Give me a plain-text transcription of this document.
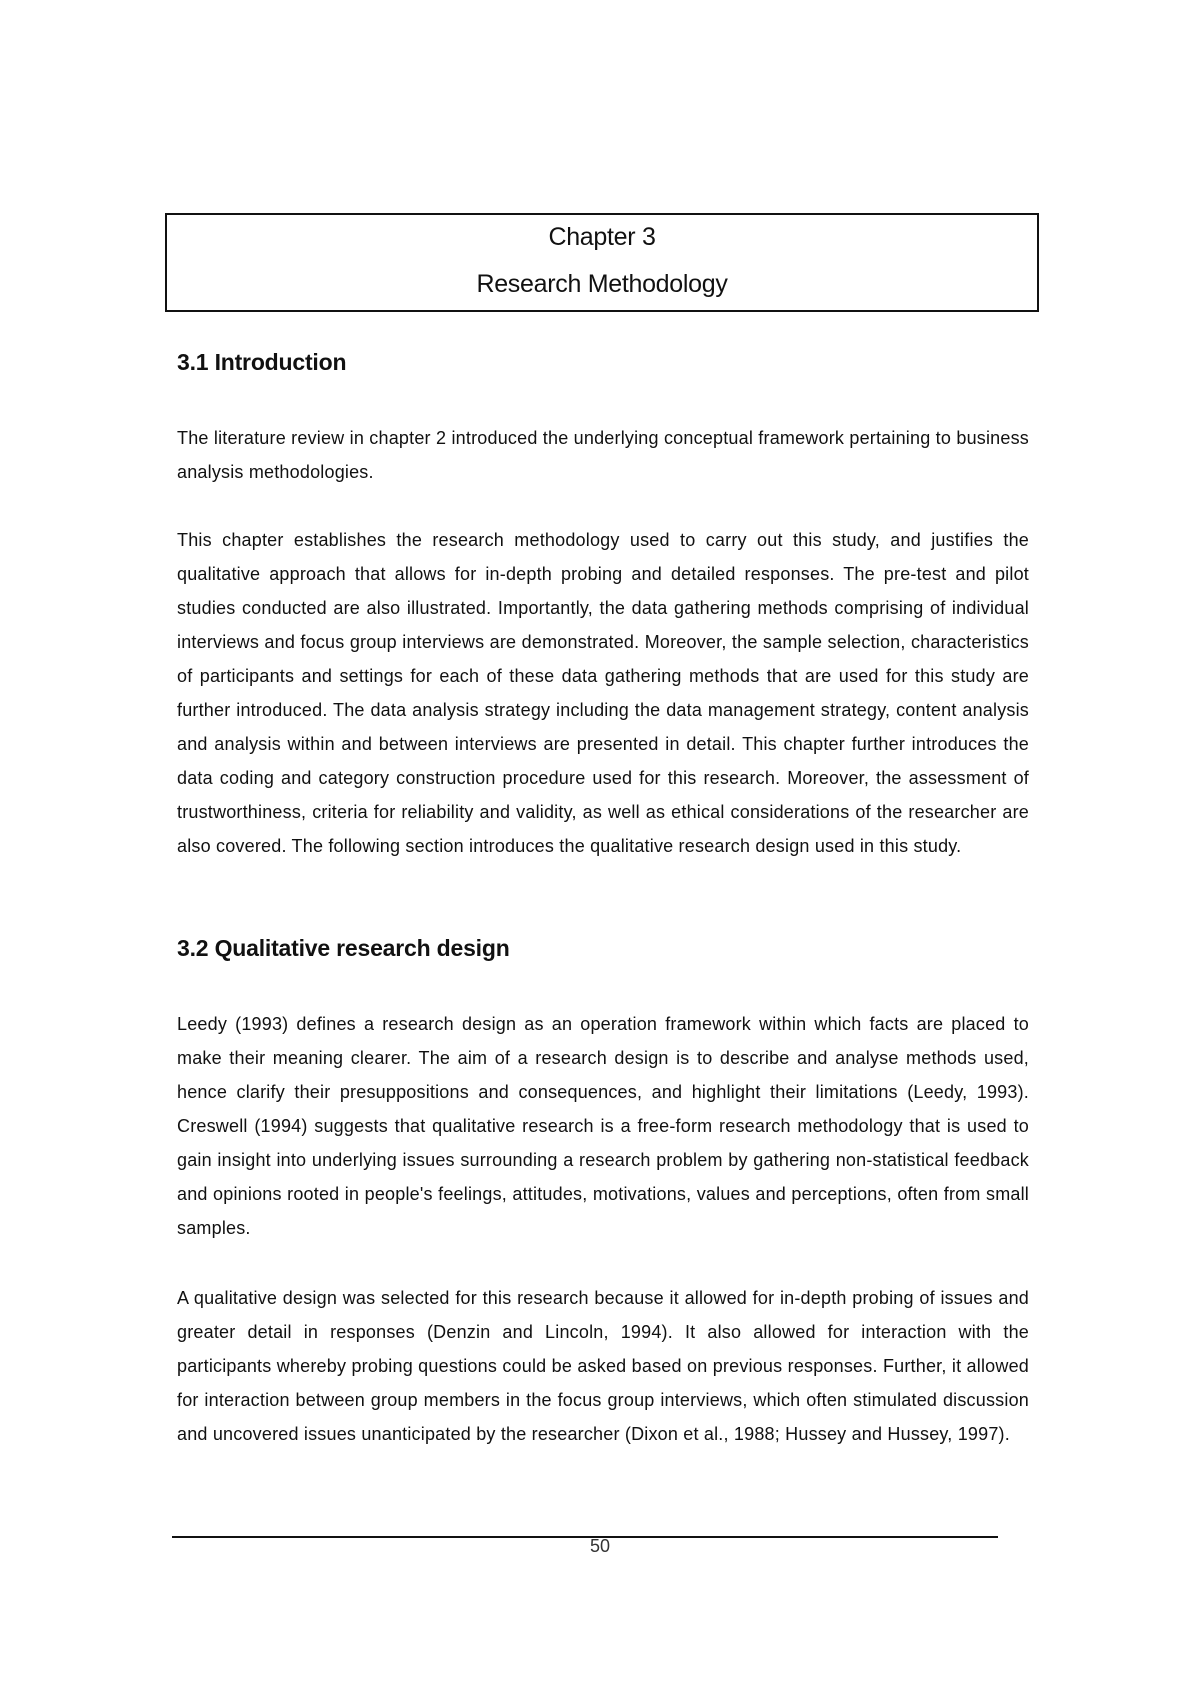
Chapter 3
Research Methodology
3.1 Introduction

The literature review in chapter 2 introduced the underlying conceptual framework pertaining to business analysis methodologies.

This chapter establishes the research methodology used to carry out this study, and justifies the qualitative approach that allows for in-depth probing and detailed responses. The pre-test and pilot studies conducted are also illustrated. Importantly, the data gathering methods comprising of individual interviews and focus group interviews are demonstrated. Moreover, the sample selection, characteristics of participants and settings for each of these data gathering methods that are used for this study are further introduced. The data analysis strategy including the data management strategy, content analysis and analysis within and between interviews are presented in detail. This chapter further introduces the data coding and category construction procedure used for this research. Moreover, the assessment of trustworthiness, criteria for reliability and validity, as well as ethical considerations of the researcher are also covered. The following section introduces the qualitative research design used in this study.

3.2 Qualitative research design

Leedy (1993) defines a research design as an operation framework within which facts are placed to make their meaning clearer. The aim of a research design is to describe and analyse methods used, hence clarify their presuppositions and consequences, and highlight their limitations (Leedy, 1993). Creswell (1994) suggests that qualitative research is a free-form research methodology that is used to gain insight into underlying issues surrounding a research problem by gathering non-statistical feedback and opinions rooted in people's feelings, attitudes, motivations, values and perceptions, often from small samples.

A qualitative design was selected for this research because it allowed for in-depth probing of issues and greater detail in responses (Denzin and Lincoln, 1994). It also allowed for interaction with the participants whereby probing questions could be asked based on previous responses. Further, it allowed for interaction between group members in the focus group interviews, which often stimulated discussion and uncovered issues unanticipated by the researcher (Dixon et al., 1988; Hussey and Hussey, 1997).

50
